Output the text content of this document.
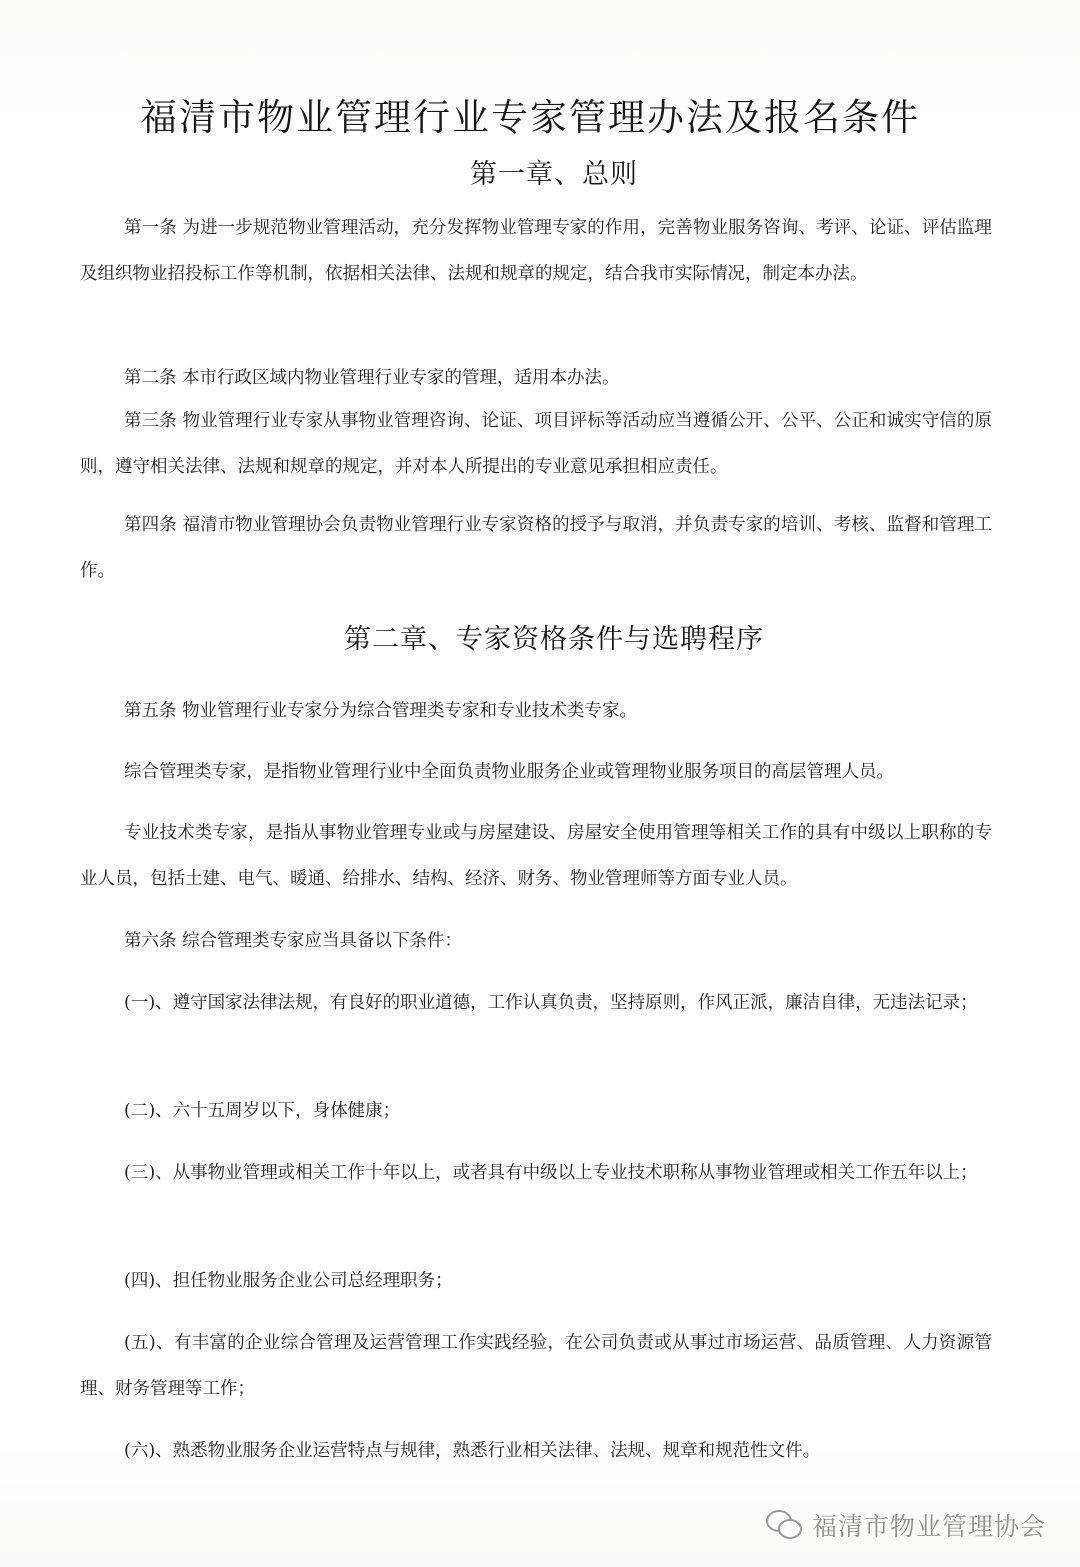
福清市物业管理行业专家管理办法及报名条件
第一章、总则

第一条 为进一步规范物业管理活动，充分发挥物业管理专家的作用，完善物业服务咨询、考评、论证、评估监理及组织物业招投标工作等机制，依据相关法律、法规和规章的规定，结合我市实际情况，制定本办法。

第二条 本市行政区域内物业管理行业专家的管理，适用本办法。

第三条 物业管理行业专家从事物业管理咨询、论证、项目评标等活动应当遵循公开、公平、公正和诚实守信的原则，遵守相关法律、法规和规章的规定，并对本人所提出的专业意见承担相应责任。

第四条 福清市物业管理协会负责物业管理行业专家资格的授予与取消，并负责专家的培训、考核、监督和管理工作。

第二章、专家资格条件与选聘程序

第五条 物业管理行业专家分为综合管理类专家和专业技术类专家。

综合管理类专家，是指物业管理行业中全面负责物业服务企业或管理物业服务项目的高层管理人员。

专业技术类专家，是指从事物业管理专业或与房屋建设、房屋安全使用管理等相关工作的具有中级以上职称的专业人员，包括土建、电气、暖通、给排水、结构、经济、财务、物业管理师等方面专业人员。

第六条 综合管理类专家应当具备以下条件：

(一)、遵守国家法律法规，有良好的职业道德，工作认真负责，坚持原则，作风正派，廉洁自律，无违法记录；

(二)、六十五周岁以下，身体健康；

(三)、从事物业管理或相关工作十年以上，或者具有中级以上专业技术职称从事物业管理或相关工作五年以上；

(四)、担任物业服务企业公司总经理职务；

(五)、有丰富的企业综合管理及运营管理工作实践经验，在公司负责或从事过市场运营、品质管理、人力资源管理、财务管理等工作；

(六)、熟悉物业服务企业运营特点与规律，熟悉行业相关法律、法规、规章和规范性文件。

福清市物业管理协会
